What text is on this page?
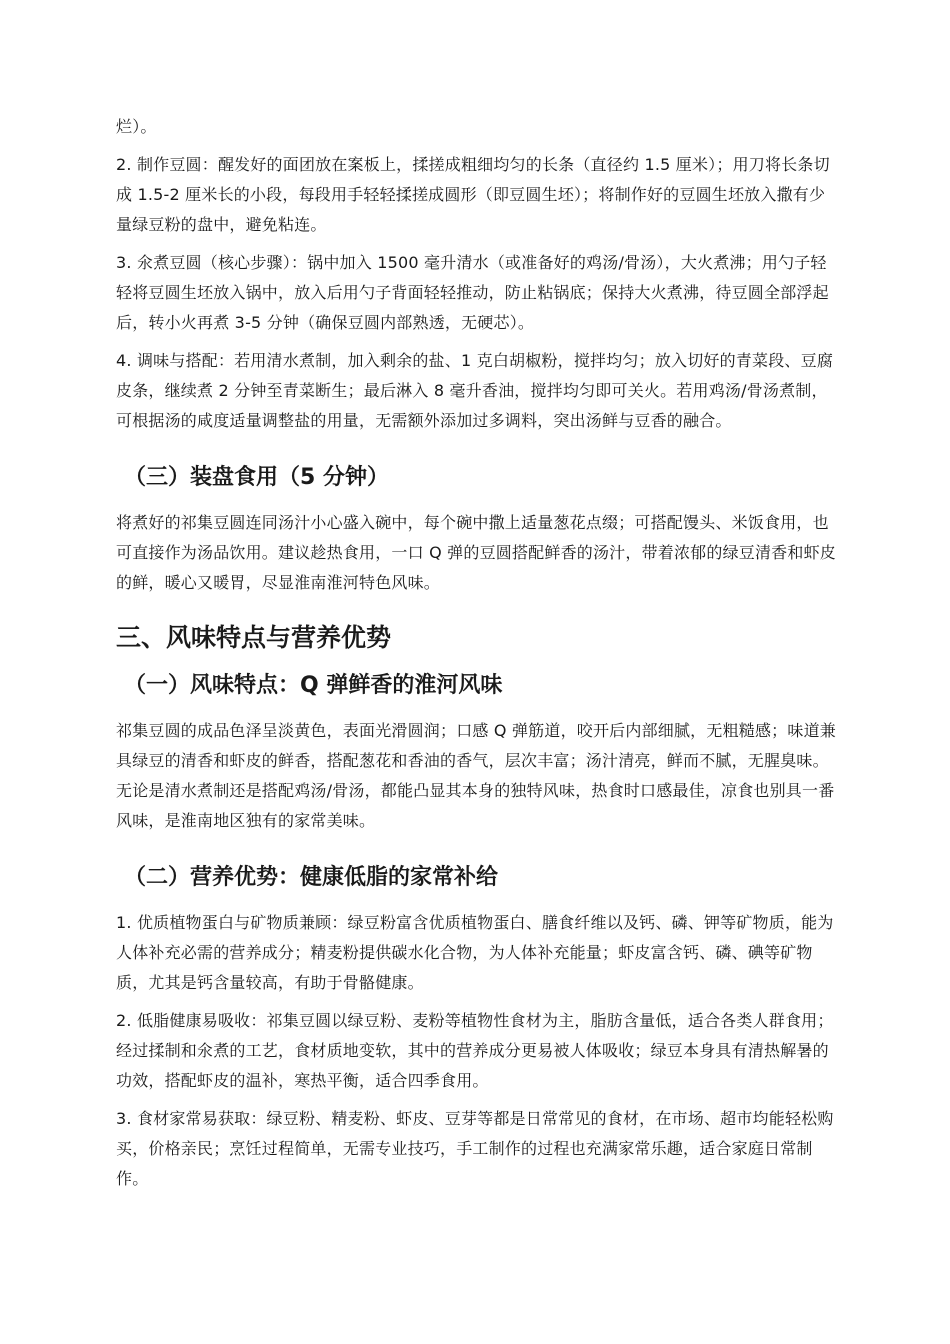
烂）。

2. 制作豆圆：醒发好的面团放在案板上，揉搓成粗细均匀的长条（直径约 1.5 厘米）；用刀将长条切成 1.5-2 厘米长的小段，每段用手轻轻揉搓成圆形（即豆圆生坯）；将制作好的豆圆生坯放入撒有少量绿豆粉的盘中，避免粘连。

3. 氽煮豆圆（核心步骤）：锅中加入 1500 毫升清水（或准备好的鸡汤/骨汤），大火煮沸；用勺子轻轻将豆圆生坯放入锅中，放入后用勺子背面轻轻推动，防止粘锅底；保持大火煮沸，待豆圆全部浮起后，转小火再煮 3-5 分钟（确保豆圆内部熟透，无硬芯）。

4. 调味与搭配：若用清水煮制，加入剩余的盐、1 克白胡椒粉，搅拌均匀；放入切好的青菜段、豆腐皮条，继续煮 2 分钟至青菜断生；最后淋入 8 毫升香油，搅拌均匀即可关火。若用鸡汤/骨汤煮制，可根据汤的咸度适量调整盐的用量，无需额外添加过多调料，突出汤鲜与豆香的融合。

（三）装盘食用（5 分钟）

将煮好的祁集豆圆连同汤汁小心盛入碗中，每个碗中撒上适量葱花点缀；可搭配馒头、米饭食用，也可直接作为汤品饮用。建议趁热食用，一口 Q 弹的豆圆搭配鲜香的汤汁，带着浓郁的绿豆清香和虾皮的鲜，暖心又暖胃，尽显淮南淮河特色风味。

三、风味特点与营养优势
（一）风味特点：Q 弹鲜香的淮河风味

祁集豆圆的成品色泽呈淡黄色，表面光滑圆润；口感 Q 弹筋道，咬开后内部细腻，无粗糙感；味道兼具绿豆的清香和虾皮的鲜香，搭配葱花和香油的香气，层次丰富；汤汁清亮，鲜而不腻，无腥臭味。无论是清水煮制还是搭配鸡汤/骨汤，都能凸显其本身的独特风味，热食时口感最佳，凉食也别具一番风味，是淮南地区独有的家常美味。

（二）营养优势：健康低脂的家常补给

1. 优质植物蛋白与矿物质兼顾：绿豆粉富含优质植物蛋白、膳食纤维以及钙、磷、钾等矿物质，能为人体补充必需的营养成分；精麦粉提供碳水化合物，为人体补充能量；虾皮富含钙、磷、碘等矿物质，尤其是钙含量较高，有助于骨骼健康。

2. 低脂健康易吸收：祁集豆圆以绿豆粉、麦粉等植物性食材为主，脂肪含量低，适合各类人群食用；经过揉制和氽煮的工艺，食材质地变软，其中的营养成分更易被人体吸收；绿豆本身具有清热解暑的功效，搭配虾皮的温补，寒热平衡，适合四季食用。

3. 食材家常易获取：绿豆粉、精麦粉、虾皮、豆芽等都是日常常见的食材，在市场、超市均能轻松购买，价格亲民；烹饪过程简单，无需专业技巧，手工制作的过程也充满家常乐趣，适合家庭日常制作。
